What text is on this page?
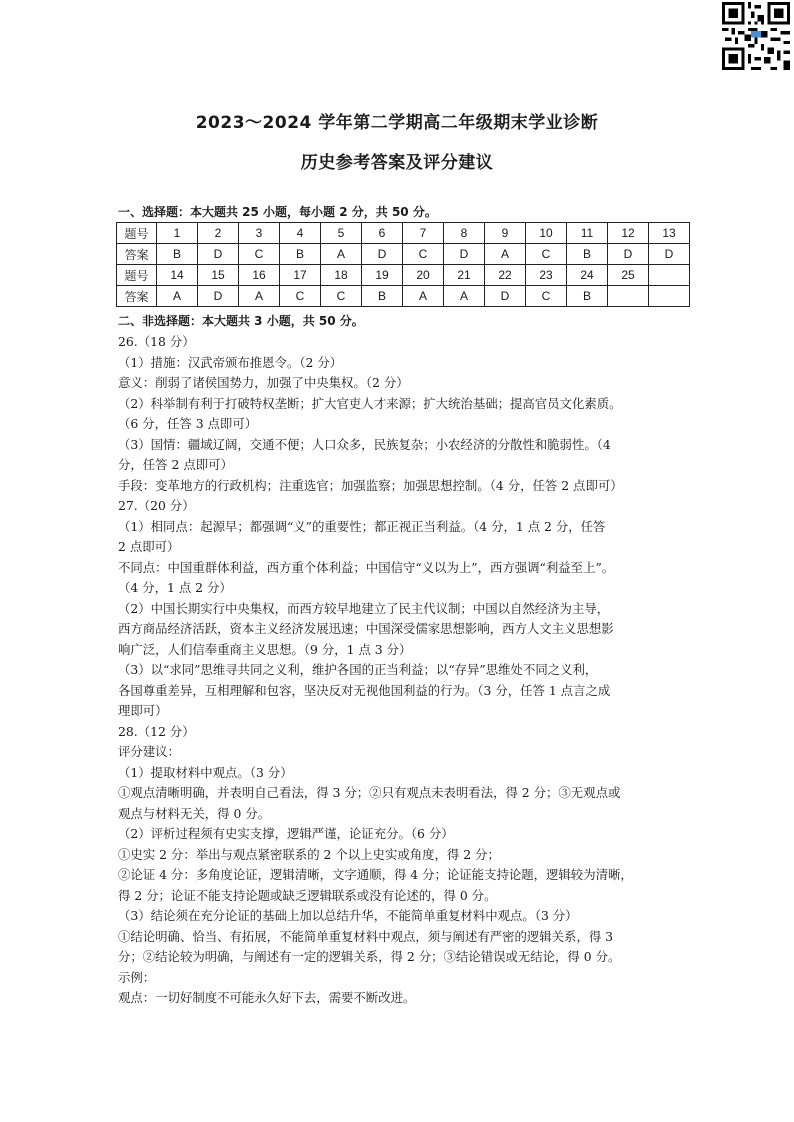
2023～2024 学年第二学期高二年级期末学业诊断
历史参考答案及评分建议
一、选择题：本大题共 25 小题，每小题 2 分，共 50 分。
题号	1	2	3	4	5	6	7	8	9	10	11	12	13
答案	B	D	C	B	A	D	C	D	A	C	B	D	D
题号	14	15	16	17	18	19	20	21	22	23	24	25	
答案	A	D	A	C	C	B	A	A	D	C	B		
二、非选择题：本大题共 3 小题，共 50 分。

26.（18 分）

（1）措施：汉武帝颁布推恩令。（2 分）

意义：削弱了诸侯国势力，加强了中央集权。（2 分）

（2）科举制有利于打破特权垄断；扩大官吏人才来源；扩大统治基础；提高官员文化素质。

（6 分，任答 3 点即可）

（3）国情：疆域辽阔，交通不便；人口众多，民族复杂；小农经济的分散性和脆弱性。（4

分，任答 2 点即可）

手段：变革地方的行政机构；注重选官；加强监察；加强思想控制。（4 分，任答 2 点即可）

27.（20 分）

（1）相同点：起源早；都强调“义”的重要性；都正视正当利益。（4 分，1 点 2 分，任答

2 点即可）

不同点：中国重群体利益，西方重个体利益；中国信守“义以为上”，西方强调“利益至上”。

（4 分，1 点 2 分）

（2）中国长期实行中央集权，而西方较早地建立了民主代议制；中国以自然经济为主导，

西方商品经济活跃，资本主义经济发展迅速；中国深受儒家思想影响，西方人文主义思想影

响广泛，人们信奉重商主义思想。（9 分，1 点 3 分）

（3）以“求同”思维寻共同之义利，维护各国的正当利益；以“存异”思维处不同之义利，

各国尊重差异，互相理解和包容，坚决反对无视他国利益的行为。（3 分，任答 1 点言之成

理即可）

28.（12 分）

评分建议：

（1）提取材料中观点。（3 分）

①观点清晰明确，并表明自己看法，得 3 分；②只有观点未表明看法，得 2 分；③无观点或

观点与材料无关，得 0 分。

（2）评析过程须有史实支撑，逻辑严谨，论证充分。（6 分）

①史实 2 分：举出与观点紧密联系的 2 个以上史实或角度，得 2 分；

②论证 4 分：多角度论证，逻辑清晰，文字通顺，得 4 分；论证能支持论题，逻辑较为清晰，

得 2 分；论证不能支持论题或缺乏逻辑联系或没有论述的，得 0 分。

（3）结论须在充分论证的基础上加以总结升华，不能简单重复材料中观点。（3 分）

①结论明确、恰当、有拓展，不能简单重复材料中观点，须与阐述有严密的逻辑关系，得 3

分；②结论较为明确，与阐述有一定的逻辑关系，得 2 分；③结论错误或无结论，得 0 分。

示例：

观点：一切好制度不可能永久好下去，需要不断改进。
